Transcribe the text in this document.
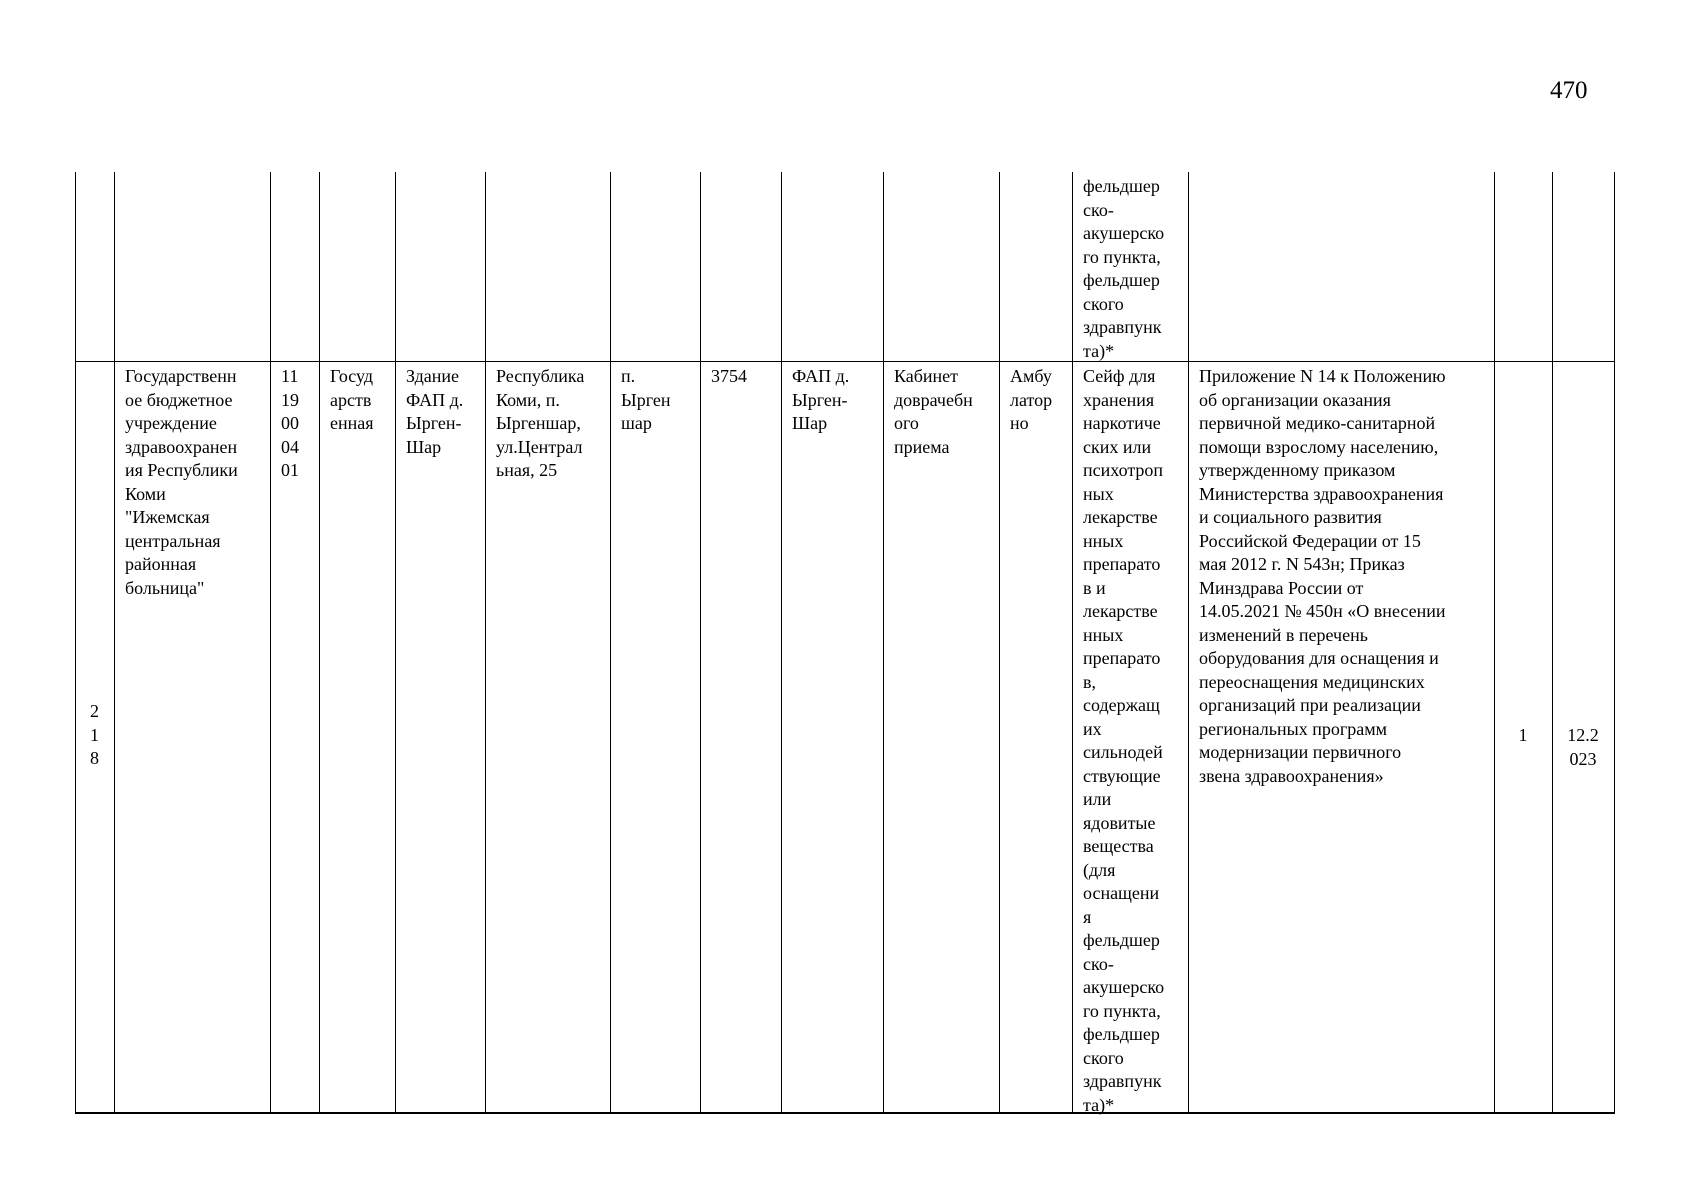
470
фельдшер
ско-
акушерско
го пункта,
фельдшер
ского
здравпунк
та)*
2
1
8
Государственн
ое бюджетное
учреждение
здравоохранен
ия Республики
Коми
"Ижемская
центральная
районная
больница"
11
19
00
04
01
Госуд
арств
енная
Здание
ФАП д.
Ырген-
Шар
Республика
Коми, п.
Ыргеншар,
ул.Централ
ьная, 25
п.
Ырген
шар
3754	ФАП д.
Ырген-
Шар
Кабинет
доврачебн
ого
приема
Амбу
латор
но
Сейф для
хранения
наркотиче
ских или
психотроп
ных
лекарстве
нных
препарато
в и
лекарстве
нных
препарато
в,
содержащ
их
сильнодей
ствующие
или
ядовитые
вещества
(для
оснащени
я
фельдшер
ско-
акушерско
го пункта,
фельдшер
ского
здравпунк
та)*
Приложение N 14 к Положению
об организации оказания
первичной медико-санитарной
помощи взрослому населению,
утвержденному приказом
Министерства здравоохранения
и социального развития
Российской Федерации от 15
мая 2012 г. N 543н; Приказ
Минздрава России от
14.05.2021 № 450н «О внесении
изменений в перечень
оборудования для оснащения и
переоснащения медицинских
организаций при реализации
региональных программ
модернизации первичного
звена здравоохранения»
1	12.2
023
